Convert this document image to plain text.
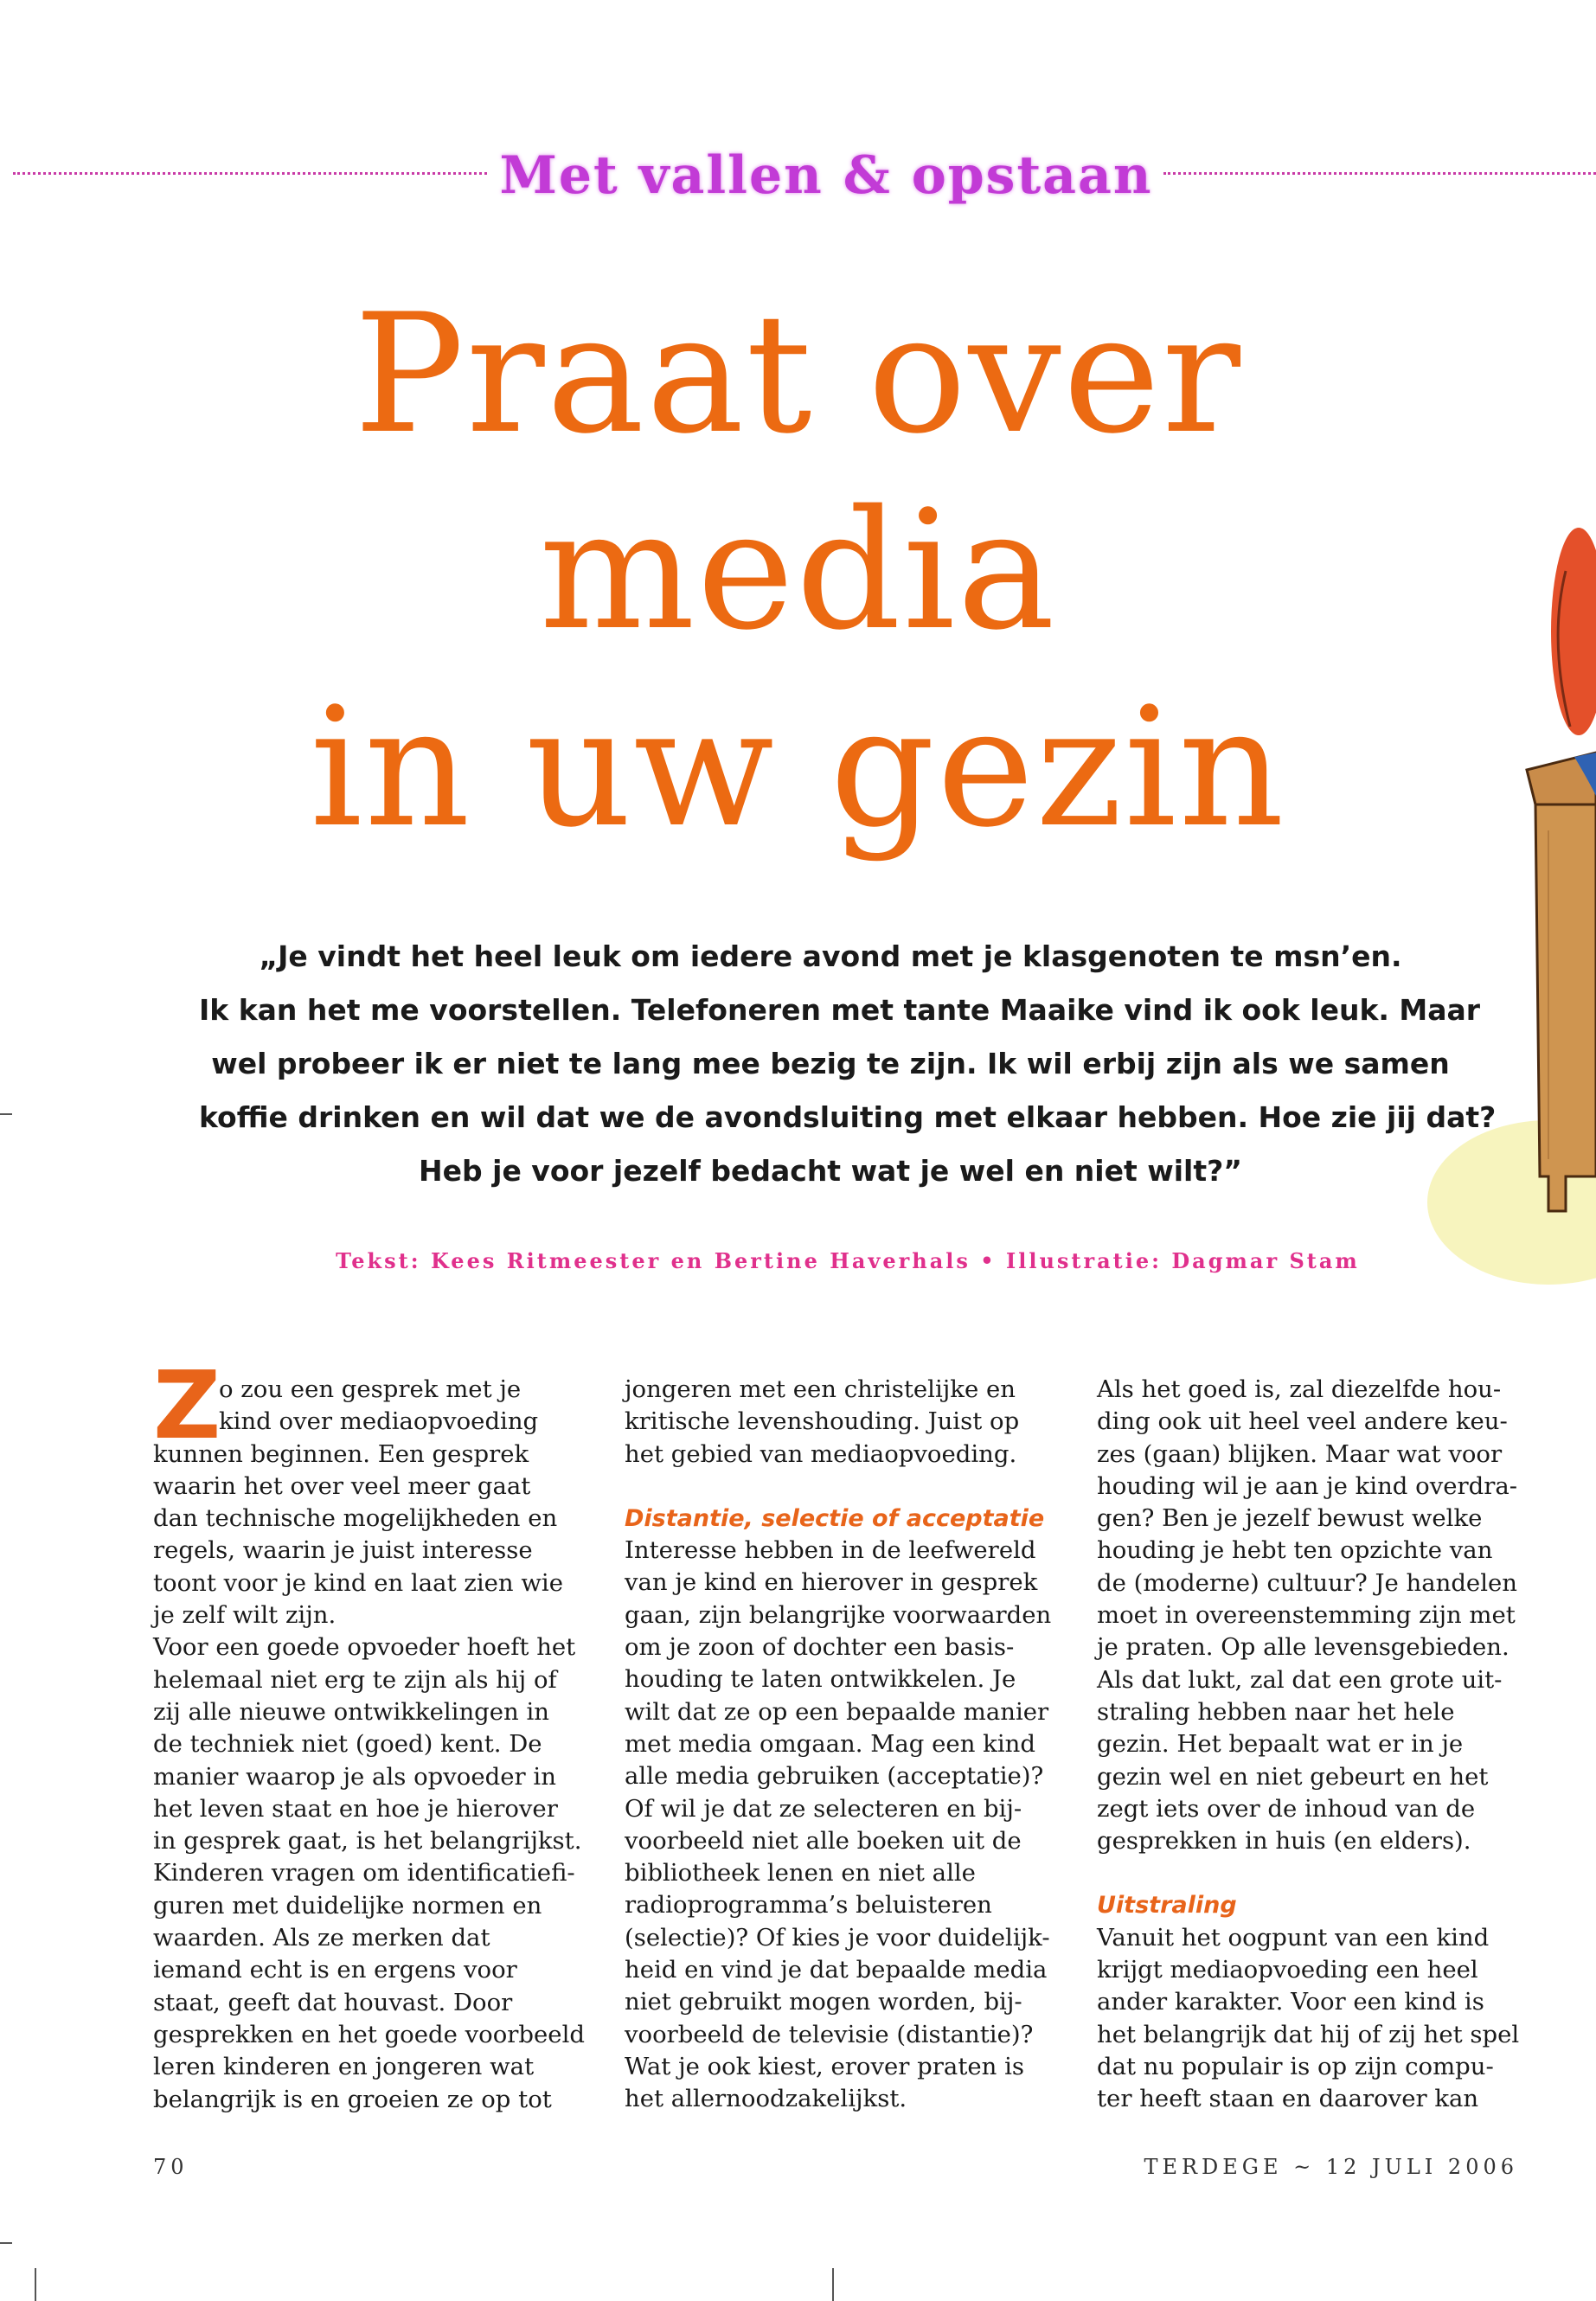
Met vallen & opstaan
Praat over
media
in uw gezin
„Je vindt het heel leuk om iedere avond met je klasgenoten te msn’en.
Ik kan het me voorstellen. Telefoneren met tante Maaike vind ik ook leuk. Maar
wel probeer ik er niet te lang mee bezig te zijn. Ik wil erbij zijn als we samen
koffie drinken en wil dat we de avondsluiting met elkaar hebben. Hoe zie jij dat?
Heb je voor jezelf bedacht wat je wel en niet wilt?”
Tekst: Kees Ritmeester en Bertine Haverhals • Illustratie: Dagmar Stam
Z
o zou een gesprek met je
kind over mediaopvoeding
kunnen beginnen. Een gesprek
waarin het over veel meer gaat
dan technische mogelijkheden en
regels, waarin je juist interesse
toont voor je kind en laat zien wie
je zelf wilt zijn.
Voor een goede opvoeder hoeft het
helemaal niet erg te zijn als hij of
zij alle nieuwe ontwikkelingen in
de techniek niet (goed) kent. De
manier waarop je als opvoeder in
het leven staat en hoe je hierover
in gesprek gaat, is het belangrijkst.
Kinderen vragen om identificatiefi-
guren met duidelijke normen en
waarden. Als ze merken dat
iemand echt is en ergens voor
staat, geeft dat houvast. Door
gesprekken en het goede voorbeeld
leren kinderen en jongeren wat
belangrijk is en groeien ze op tot
jongeren met een christelijke en
kritische levenshouding. Juist op
het gebied van mediaopvoeding.
Distantie, selectie of acceptatie
Interesse hebben in de leefwereld
van je kind en hierover in gesprek
gaan, zijn belangrijke voorwaarden
om je zoon of dochter een basis-
houding te laten ontwikkelen. Je
wilt dat ze op een bepaalde manier
met media omgaan. Mag een kind
alle media gebruiken (acceptatie)?
Of wil je dat ze selecteren en bij-
voorbeeld niet alle boeken uit de
bibliotheek lenen en niet alle
radioprogramma’s beluisteren
(selectie)? Of kies je voor duidelijk-
heid en vind je dat bepaalde media
niet gebruikt mogen worden, bij-
voorbeeld de televisie (distantie)?
Wat je ook kiest, erover praten is
het allernoodzakelijkst.
Als het goed is, zal diezelfde hou-
ding ook uit heel veel andere keu-
zes (gaan) blijken. Maar wat voor
houding wil je aan je kind overdra-
gen? Ben je jezelf bewust welke
houding je hebt ten opzichte van
de (moderne) cultuur? Je handelen
moet in overeenstemming zijn met
je praten. Op alle levensgebieden.
Als dat lukt, zal dat een grote uit-
straling hebben naar het hele
gezin. Het bepaalt wat er in je
gezin wel en niet gebeurt en het
zegt iets over de inhoud van de
gesprekken in huis (en elders).
Uitstraling
Vanuit het oogpunt van een kind
krijgt mediaopvoeding een heel
ander karakter. Voor een kind is
het belangrijk dat hij of zij het spel
dat nu populair is op zijn compu-
ter heeft staan en daarover kan
70	TERDEGE ~ 12 JULI 2006
